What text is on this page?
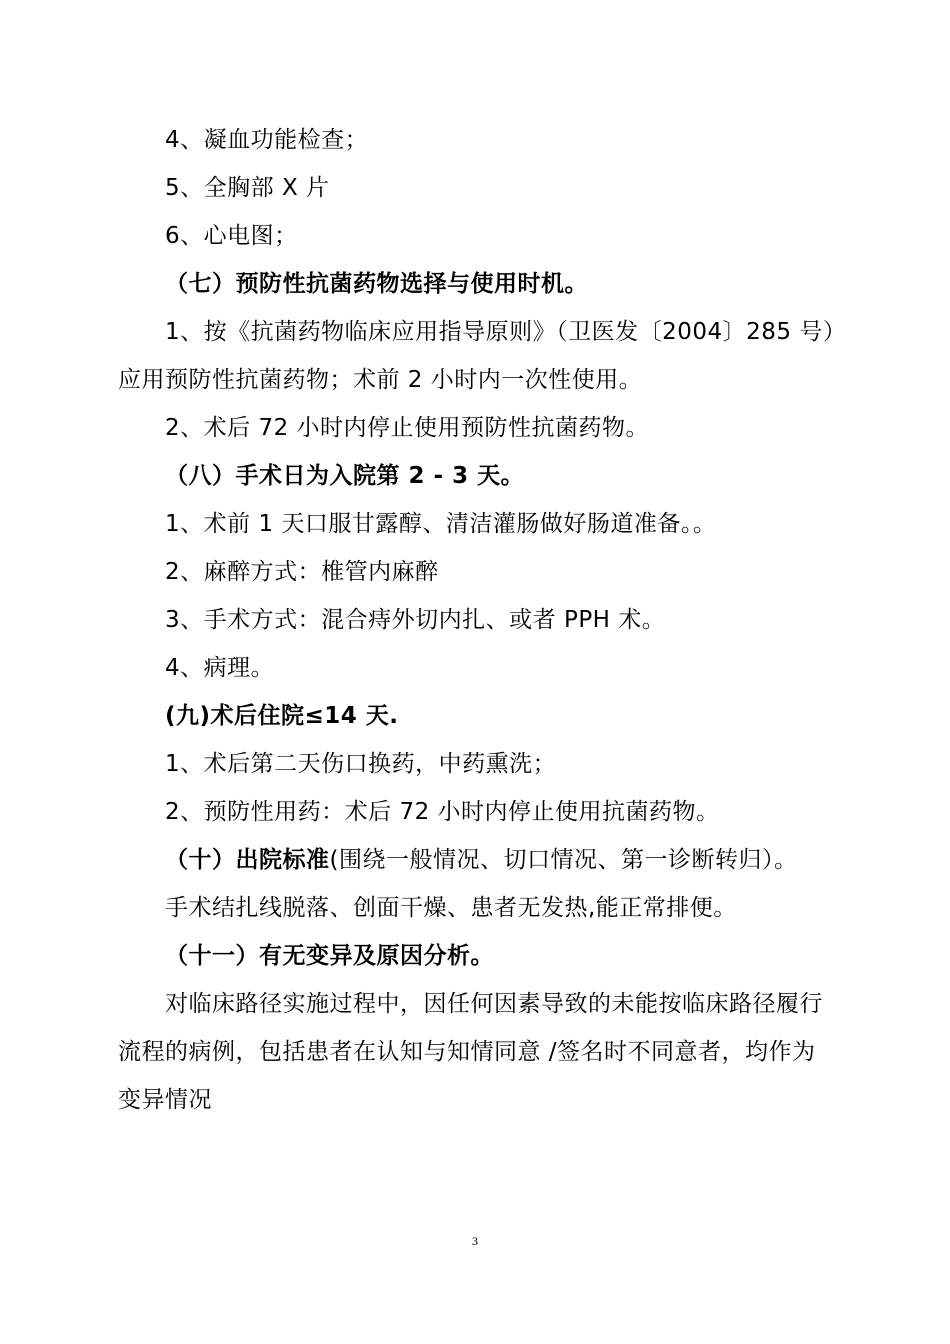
4、凝血功能检查；
5、全胸部 X 片
6、心电图；
（七）预防性抗菌药物选择与使用时机。
1、按《抗菌药物临床应用指导原则》（卫医发〔2004〕285 号）
应用预防性抗菌药物；术前 2 小时内一次性使用。
2、术后 72 小时内停止使用预防性抗菌药物。
（八）手术日为入院第 2 - 3 天。
1、术前 1 天口服甘露醇、清洁灌肠做好肠道准备。。
2、麻醉方式：椎管内麻醉
3、手术方式：混合痔外切内扎、或者 PPH 术。
4、病理。
(九)术后住院≤14 天.
1、术后第二天伤口换药，中药熏洗；
2、预防性用药：术后 72 小时内停止使用抗菌药物。
（十）出院标准(围绕一般情况、切口情况、第一诊断转归）。
手术结扎线脱落、创面干燥、患者无发热,能正常排便。
（十一）有无变异及原因分析。
对临床路径实施过程中，因任何因素导致的未能按临床路径履行
流程的病例，包括患者在认知与知情同意 /签名时不同意者，均作为
变异情况
3
